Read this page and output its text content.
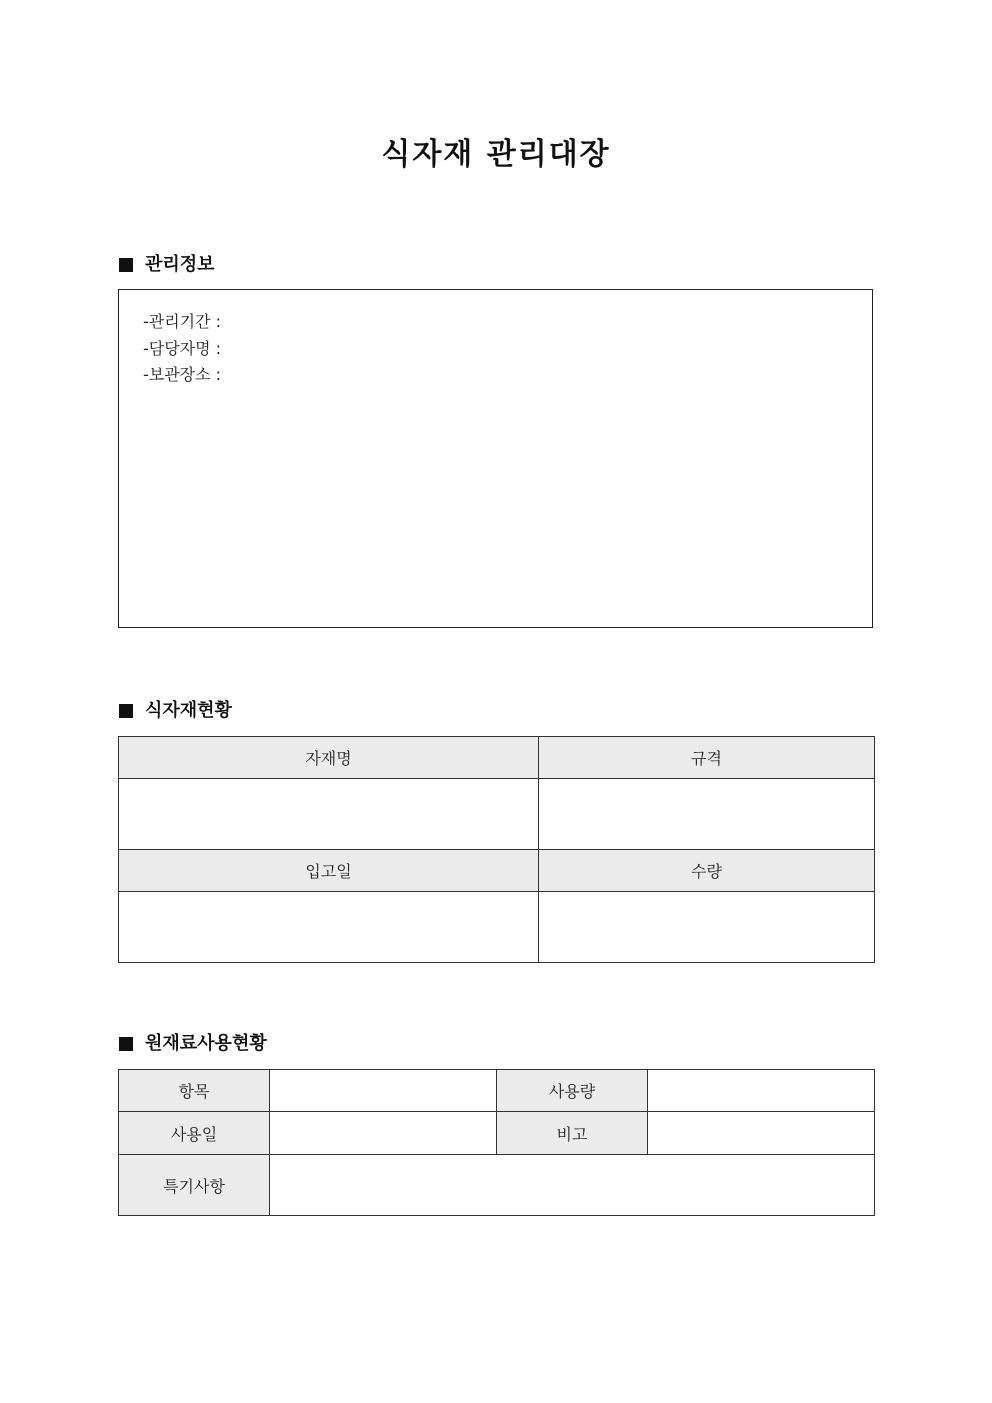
식자재 관리대장
관리정보
-관리기간 :
-담당자명 :
-보관장소 :
식자재현황
자재명	규격

입고일	수량

원재료사용현황
항목		사용량	
사용일		비고	
특기사항			
